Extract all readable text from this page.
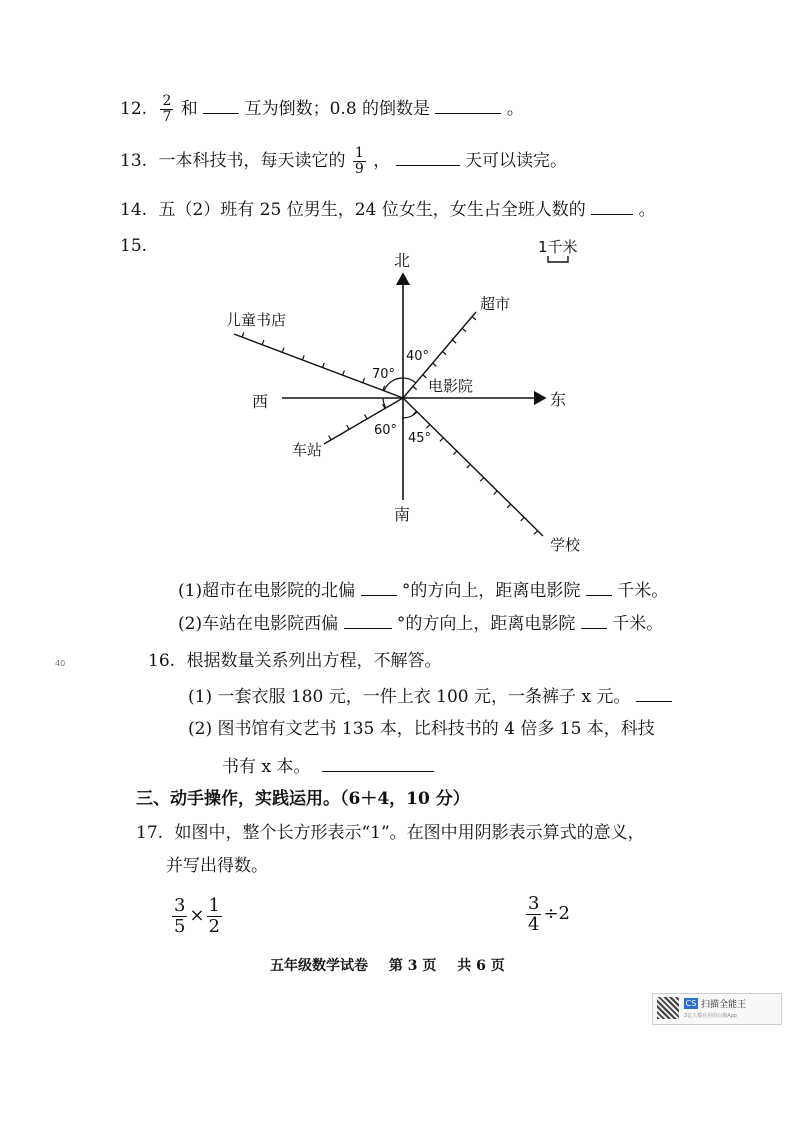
12. $\frac{2}{7}$ 和	互为倒数；0.8 的倒数是	。
13. 一本科技书，每天读它的 $\frac{1}{9}$ ，	天可以读完。
14. 五（2）班有 25 位男生，24 位女生，女生占全班人数的	。
15.	1千米
北
南
东
西
电影院
儿童书店
超市
车站
学校
40°
70°
60°
45°
(1)超市在电影院的北偏	°的方向上，距离电影院 千米。
(2)车站在电影院西偏	°的方向上，距离电影院 千米。
16. 根据数量关系列出方程，不解答。
(1) 一套衣服 180 元，一件上衣 100 元，一条裤子 x 元。
(2) 图书馆有文艺书 135 本，比科技书的 4 倍多 15 本，科技
书有 x 本。
三、动手操作，实践运用。（6＋4，10 分）
17. 如图中，整个长方形表示“1”。在图中用阴影表示算式的意义，
并写出得数。
$\frac{3}{5} \times \frac{1}{2}$	$\frac{3}{4} \div 2$
五年级数学试卷 第 3 页 共 6 页
CS 扫描全能王
3亿人都在用的扫描App
40
